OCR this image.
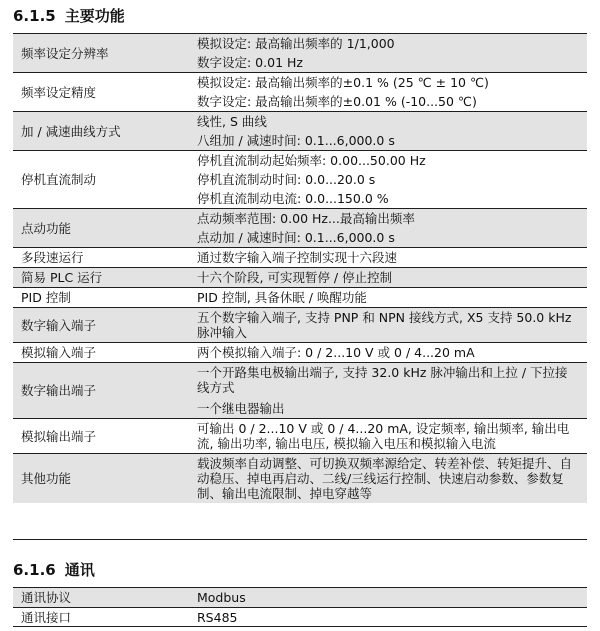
6.1.5 主要功能
频率设定分辨率	模拟设定: 最高输出频率的 1/1,000
数字设定: 0.01 Hz

频率设定精度	模拟设定: 最高输出频率的±0.1 % (25 ℃ ± 10 ℃)
数字设定: 最高输出频率的±0.01 % (-10...50 ℃)

加 / 减速曲线方式	线性, S 曲线
八组加 / 减速时间: 0.1...6,000.0 s

停机直流制动	停机直流制动起始频率: 0.00...50.00 Hz
停机直流制动时间: 0.0...20.0 s
停机直流制动电流: 0.0...150.0 %

点动功能	点动频率范围: 0.00 Hz...最高输出频率
点动加 / 减速时间: 0.1...6,000.0 s

多段速运行	通过数字输入端子控制实现十六段速

简易 PLC 运行	十六个阶段, 可实现暂停 / 停止控制

PID 控制	PID 控制, 具备休眠 / 唤醒功能

数字输入端子	五个数字输入端子, 支持 PNP 和 NPN 接线方式, X5 支持 50.0 kHz 脉冲输入

模拟输入端子	两个模拟输入端子: 0 / 2...10 V 或 0 / 4...20 mA

数字输出端子	一个开路集电极输出端子, 支持 32.0 kHz 脉冲输出和上拉 / 下拉接线方式
一个继电器输出

模拟输出端子	可输出 0 / 2...10 V 或 0 / 4...20 mA, 设定频率, 输出频率, 输出电流, 输出功率, 输出电压, 模拟输入电压和模拟输入电流

其他功能	载波频率自动调整、可切换双频率源给定、转差补偿、转矩提升、自动稳压、掉电再启动、二线/三线运行控制、快速启动参数、参数复制、输出电流限制、掉电穿越等
6.1.6 通讯
通讯协议	Modbus

通讯接口	RS485
